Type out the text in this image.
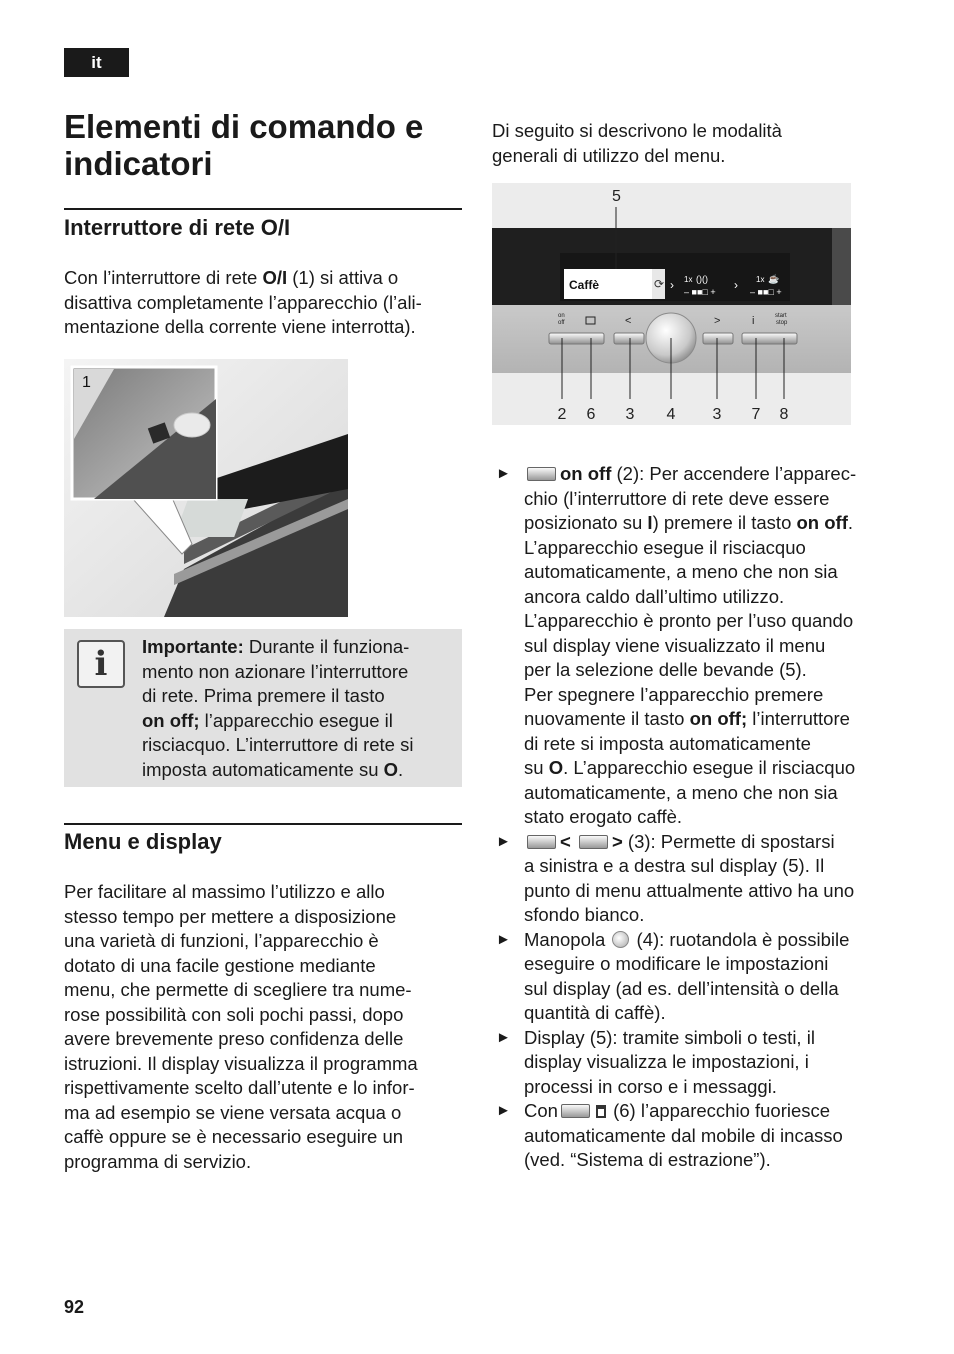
it
Elementi di comando e
indicatori
Interruttore di rete O/I
Con l’interruttore di rete O/I (1) si attiva o
disattiva completamente l’apparecchio (l’ali-
mentazione della corrente viene interrotta).
1
i	Importante: Durante il funziona-
mento non azionare l’interruttore
di rete. Prima premere il tasto
on off; l’apparecchio esegue il
risciacquo. L’interruttore di rete si
imposta automaticamente su O.
Menu e display
Per facilitare al massimo l’utilizzo e allo
stesso tempo per mettere a disposizione
una varietà di funzioni, l’apparecchio è
dotato di una facile gestione mediante
menu, che permette di scegliere tra nume-
rose possibilità con soli pochi passi, dopo
avere brevemente preso confidenza delle
istruzioni. Il display visualizza il programma
rispettivamente scelto dall’utente e lo infor-
ma ad esempio se viene versata acqua o
caffè oppure se è necessario eseguire un
programma di servizio.
Di seguito si descrivono le modalità
generali di utilizzo del menu.
Caffè	⟳ › 1x ()()
– ■■□ + › 1x ☕
– ■■□ +
on
off	<	>	i	start
stop
5
2 6 3 4 3 7 8
►	on off (2): Per accendere l’apparec-
chio (l’interruttore di rete deve essere
posizionato su I) premere il tasto on off.
L’apparecchio esegue il risciacquo
automaticamente, a meno che non sia
ancora caldo dall’ultimo utilizzo.
L’apparecchio è pronto per l’uso quando
sul display viene visualizzato il menu
per la selezione delle bevande (5).
Per spegnere l’apparecchio premere
nuovamente il tasto on off; l’interruttore
di rete si imposta automaticamente
su O. L’apparecchio esegue il risciacquo
automaticamente, a meno che non sia
stato erogato caffè.
►	< > (3): Permette di spostarsi
a sinistra e a destra sul display (5). Il
punto di menu attualmente attivo ha uno
sfondo bianco.
► Manopola  (4): ruotandola è possibile
eseguire o modificare le impostazioni
sul display (ad es. dell’intensità o della
quantità di caffè).
► Display (5): tramite simboli o testi, il
display visualizza le impostazioni, i
processi in corso e i messaggi.
► Con	(6) l’apparecchio fuoriesce
automaticamente dal mobile di incasso
(ved. “Sistema di estrazione”).
92
